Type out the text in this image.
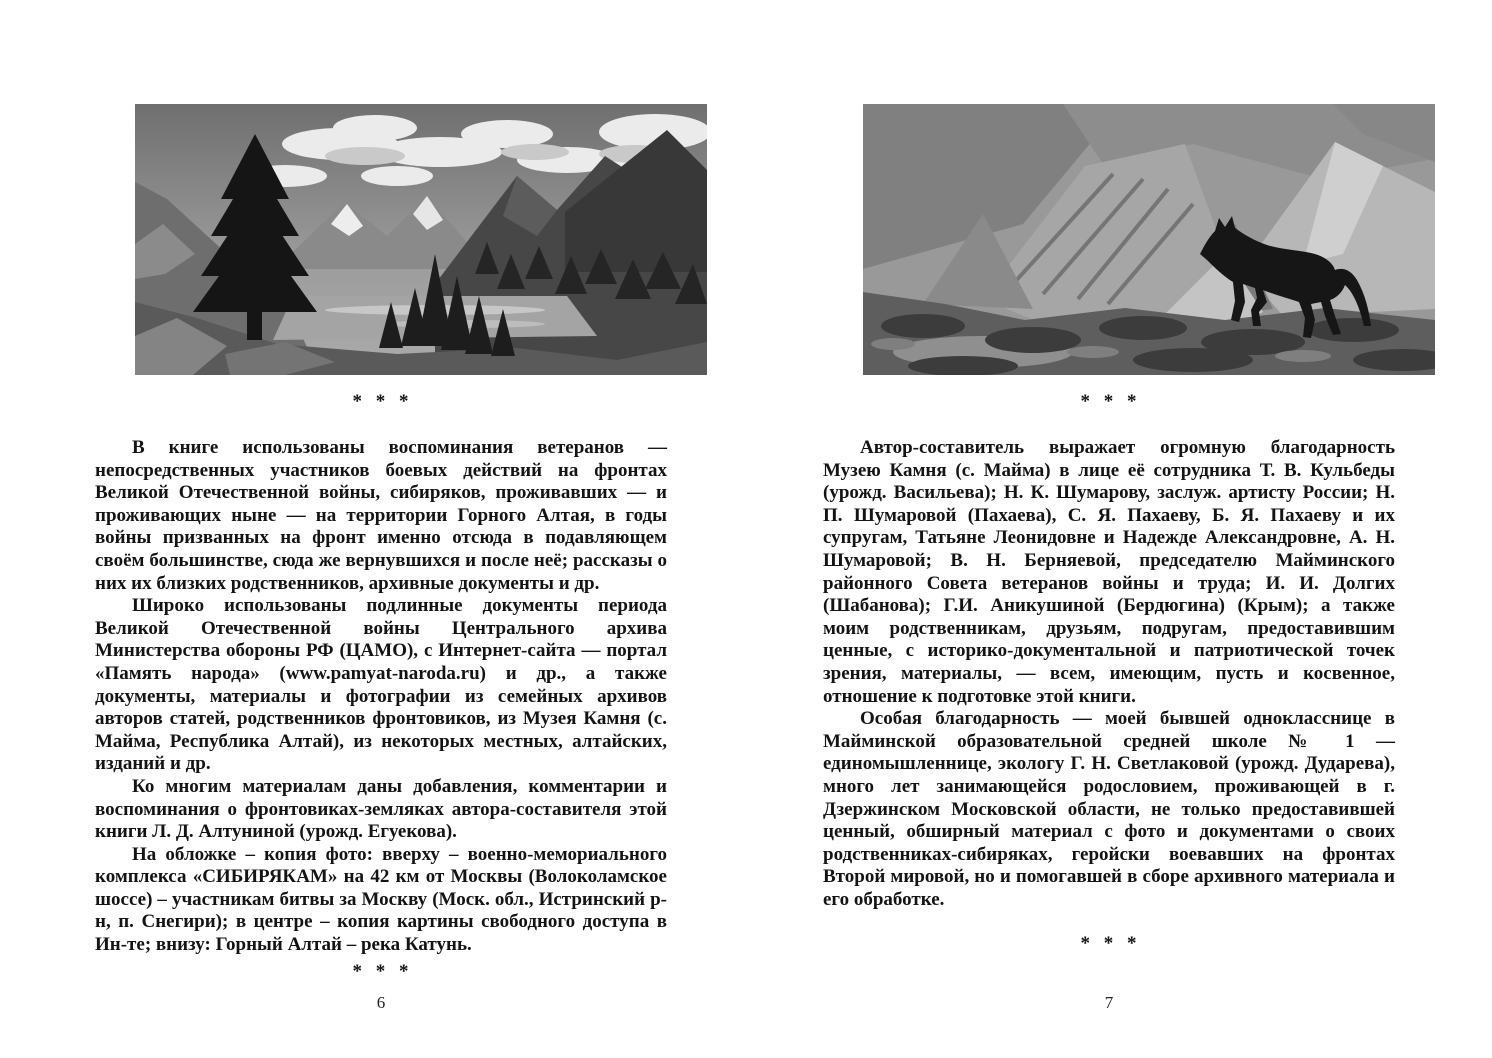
* * *

В книге использованы воспоминания ветеранов — непосредственных участников боевых действий на фронтах Великой Отечественной войны, сибиряков, проживавших — и проживающих ныне — на территории Горного Алтая, в годы войны призванных на фронт именно отсюда в подавляющем своём большинстве, сюда же вернувшихся и после неё; рассказы о них их близких родственников, архивные документы и др.

Широко использованы подлинные документы периода Великой Отечественной войны Центрального архива Министерства обороны РФ (ЦАМО), с Интернет-сайта — портал «Память народа» (www.pamyat-naroda.ru) и др., а также документы, материалы и фотографии из семейных архивов авторов статей, родственников фронтовиков, из Музея Камня (с. Майма, Республика Алтай), из некоторых местных, алтайских, изданий и др.

Ко многим материалам даны добавления, комментарии и воспоминания о фронтовиках-земляках автора-составителя этой книги Л. Д. Алтуниной (урожд. Егуекова).

На обложке – копия фото: вверху – военно-мемориального комплекса «СИБИРЯКАМ» на 42 км от Москвы (Волоколамское шоссе) – участникам битвы за Москву (Моск. обл., Истринский р-н, п. Снегири); в центре – копия картины свободного доступа в Ин-те; внизу: Горный Алтай – река Катунь.

* * *
6
* * *

Автор-составитель выражает огромную благодарность Музею Камня (с. Майма) в лице её сотрудника Т. В. Кульбеды (урожд. Васильева); Н. К. Шумарову, заслуж. артисту России; Н. П. Шумаровой (Пахаева), С. Я. Пахаеву, Б. Я. Пахаеву и их супругам, Татьяне Леонидовне и Надежде Александровне, А. Н. Шумаровой; В. Н. Берняевой, председателю Майминского районного Совета ветеранов войны и труда; И. И. Долгих (Шабанова); Г.И. Аникушиной (Бердюгина) (Крым); а также моим родственникам, друзьям, подругам, предоставившим ценные, с историко-документальной и патриотической точек зрения, материалы, — всем, имеющим, пусть и косвенное, отношение к подготовке этой книги.

Особая благодарность — моей бывшей однокласснице в Майминской образовательной средней школе № 1 — единомышленнице, экологу Г. Н. Светлаковой (урожд. Дударева), много лет занимающейся родословием, проживающей в г. Дзержинском Московской области, не только предоставившей ценный, обширный материал с фото и документами о своих родственниках-сибиряках, геройски воевавших на фронтах Второй мировой, но и помогавшей в сборе архивного материала и его обработке.

* * *
7
